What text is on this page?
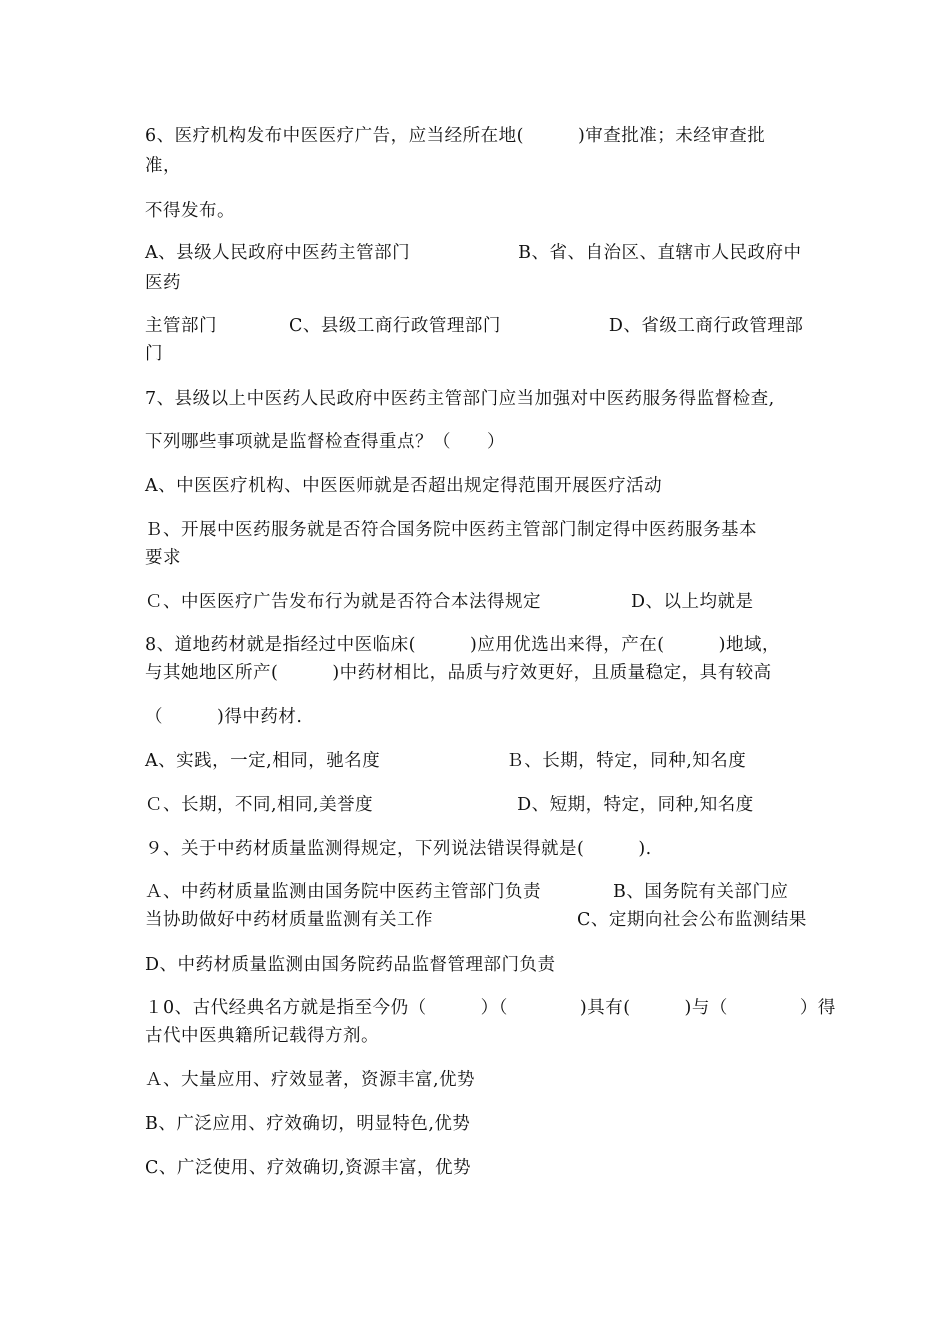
6、医疗机构发布中医医疗广告，应当经所在地(　　　)审查批准；未经审查批
准，
不得发布。
A、县级人民政府中医药主管部门　　　　　　B、省、自治区、直辖市人民政府中
医药
主管部门　　　　C、县级工商行政管理部门　　　　　　D、省级工商行政管理部
门
7、县级以上中医药人民政府中医药主管部门应当加强对中医药服务得监督检查,
下列哪些事项就是监督检查得重点？（　　）
A、中医医疗机构、中医医师就是否超出规定得范围开展医疗活动
Ｂ、开展中医药服务就是否符合国务院中医药主管部门制定得中医药服务基本
要求
Ｃ、中医医疗广告发布行为就是否符合本法得规定　　　　　D、以上均就是
8、道地药材就是指经过中医临床(　　　)应用优选出来得，产在(　　　)地域，
与其她地区所产(　　　)中药材相比，品质与疗效更好，且质量稳定，具有较高
（　　　)得中药材.
A、实践，一定,相同，驰名度　　　　　　　Ｂ、长期，特定，同种,知名度
Ｃ、长期，不同,相同,美誉度　　　　　　　　D、短期，特定，同种,知名度
９、关于中药材质量监测得规定，下列说法错误得就是(　　　).
Ａ、中药材质量监测由国务院中医药主管部门负责　　　　B、国务院有关部门应
当协助做好中药材质量监测有关工作　　　　　　　　C、定期向社会公布监测结果
D、中药材质量监测由国务院药品监督管理部门负责
１0、古代经典名方就是指至今仍（　　　）（　　　　)具有(　　　)与（　　　　）得
古代中医典籍所记载得方剂。
Ａ、大量应用、疗效显著，资源丰富,优势
B、广泛应用、疗效确切，明显特色,优势
C、广泛使用、疗效确切,资源丰富，优势
